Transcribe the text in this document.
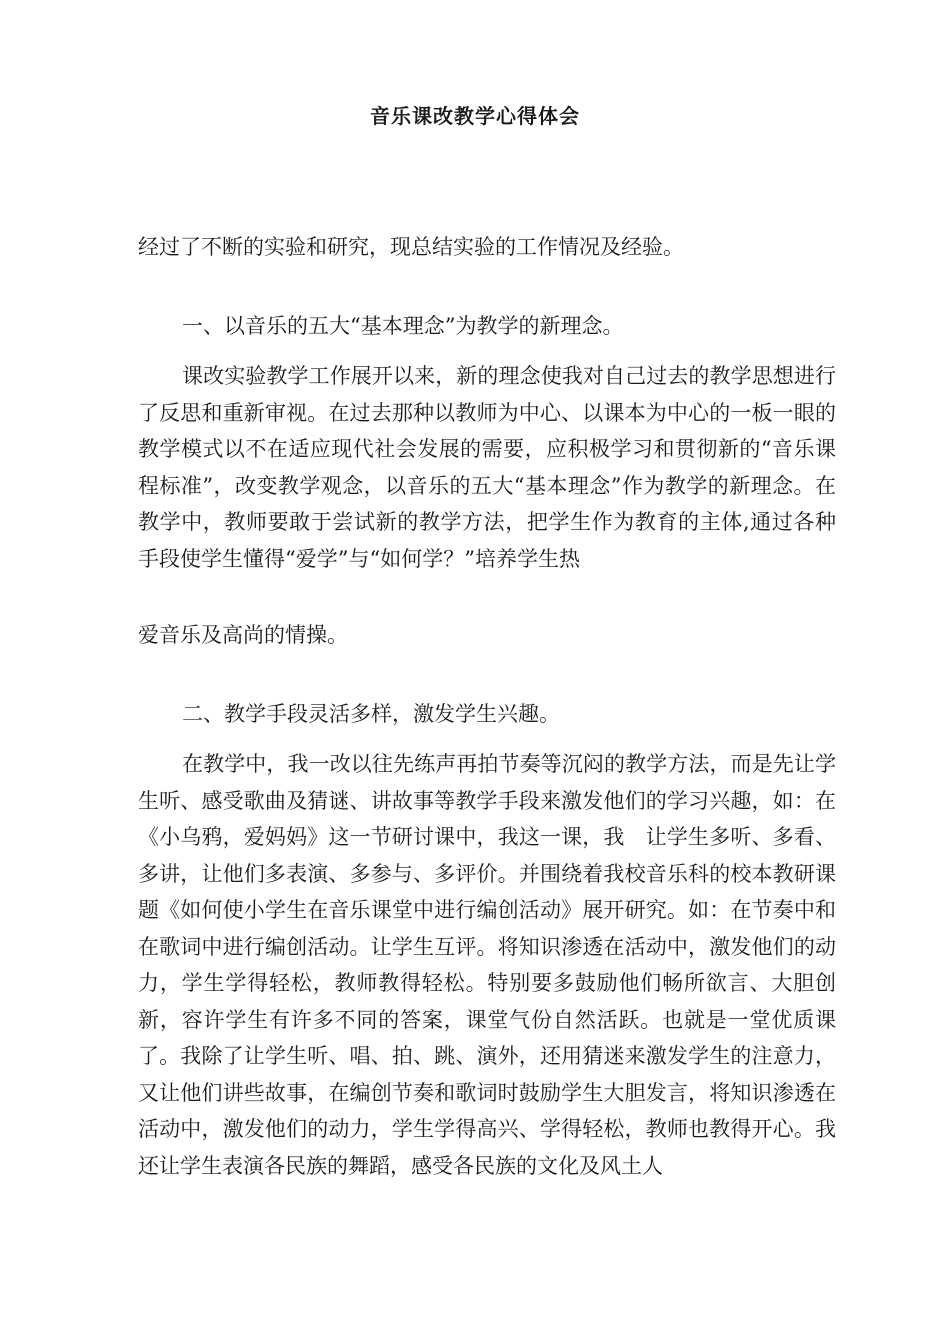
音乐课改教学心得体会
经过了不断的实验和研究，现总结实验的工作情况及经验。
一、以音乐的五大“基本理念”为教学的新理念。
课改实验教学工作展开以来，新的理念使我对自己过去的教学思想进行了反思和重新审视。在过去那种以教师为中心、以课本为中心的一板一眼的教学模式以不在适应现代社会发展的需要，应积极学习和贯彻新的“音乐课程标准”，改变教学观念，以音乐的五大“基本理念”作为教学的新理念。在教学中，教师要敢于尝试新的教学方法，把学生作为教育的主体,通过各种手段使学生懂得“爱学”与“如何学？”培养学生热
爱音乐及高尚的情操。
二、教学手段灵活多样，激发学生兴趣。
在教学中，我一改以往先练声再拍节奏等沉闷的教学方法，而是先让学生听、感受歌曲及猜谜、讲故事等教学手段来激发他们的学习兴趣，如：在《小乌鸦，爱妈妈》这一节研讨课中，我这一课，我　让学生多听、多看、多讲，让他们多表演、多参与、多评价。并围绕着我校音乐科的校本教研课题《如何使小学生在音乐课堂中进行编创活动》展开研究。如：在节奏中和在歌词中进行编创活动。让学生互评。将知识渗透在活动中，激发他们的动力，学生学得轻松，教师教得轻松。特别要多鼓励他们畅所欲言、大胆创新，容许学生有许多不同的答案，课堂气份自然活跃。也就是一堂优质课了。我除了让学生听、唱、拍、跳、演外，还用猜迷来激发学生的注意力，又让他们讲些故事，在编创节奏和歌词时鼓励学生大胆发言，将知识渗透在活动中，激发他们的动力，学生学得高兴、学得轻松，教师也教得开心。我还让学生表演各民族的舞蹈，感受各民族的文化及风土人
